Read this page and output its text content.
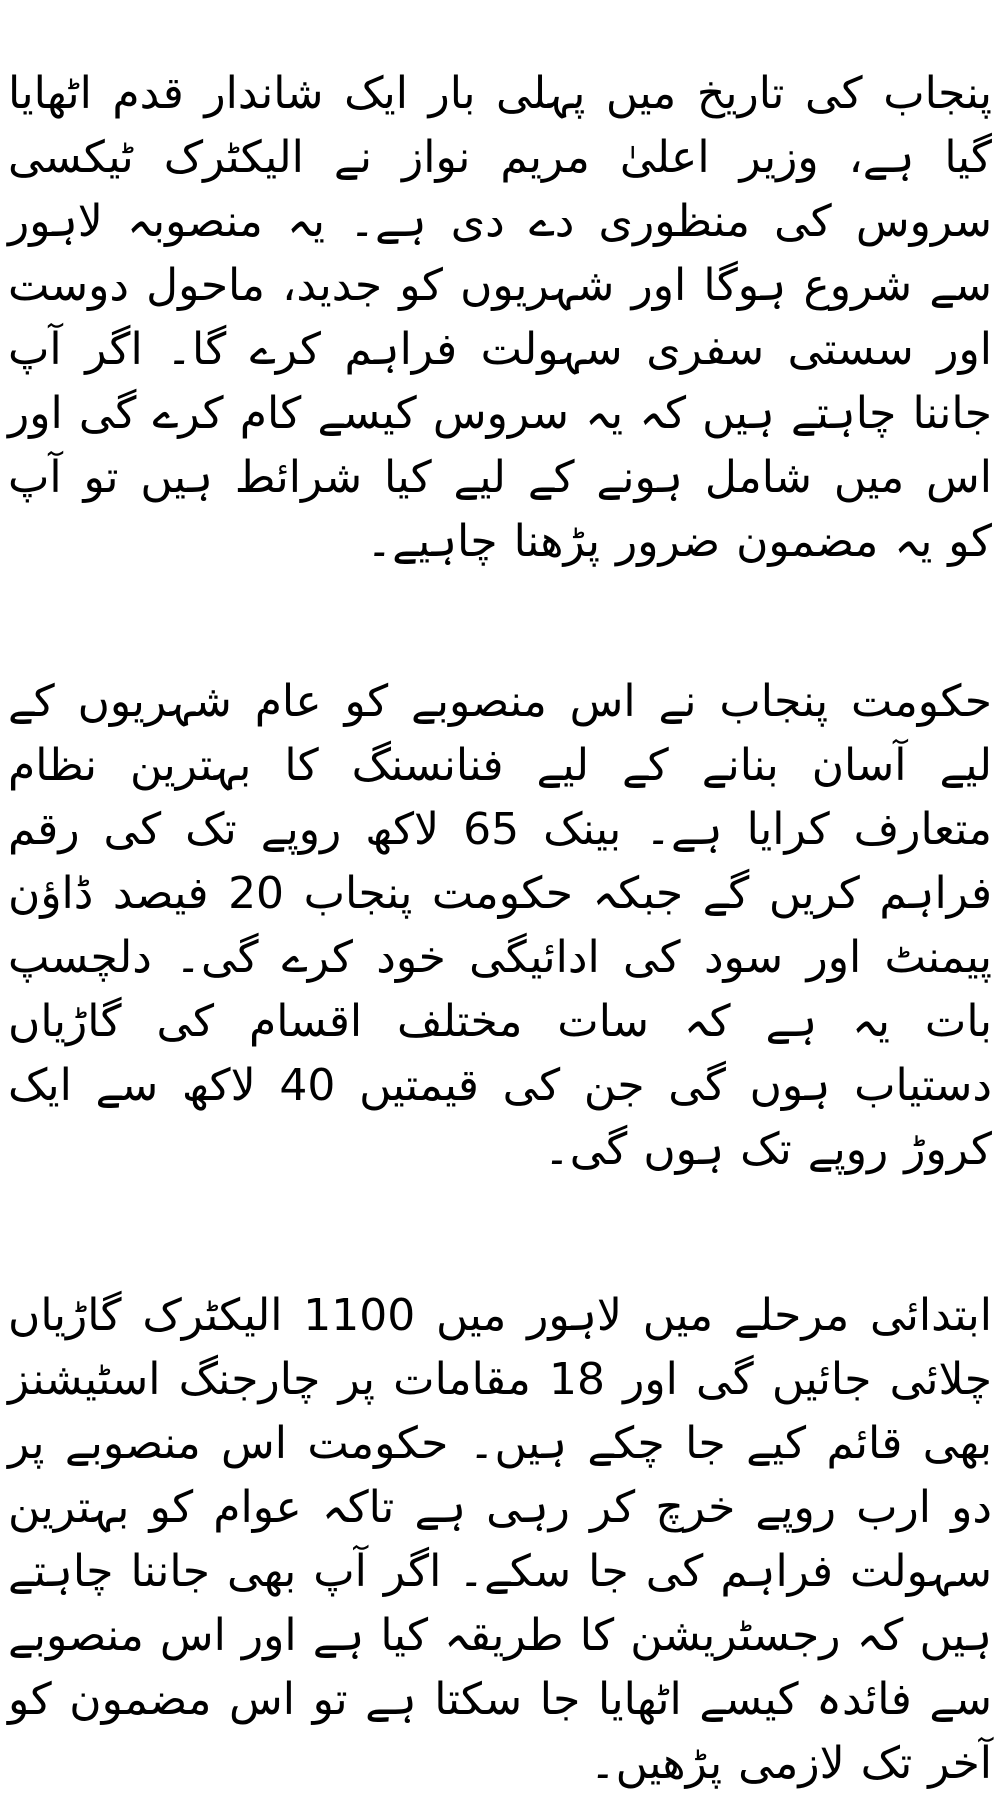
پنجاب کی تاریخ میں پہلی بار ایک شاندار قدم اٹھایا گیا ہے، وزیر اعلیٰ مریم نواز نے الیکٹرک ٹیکسی سروس کی منظوری دے دی ہے۔ یہ منصوبہ لاہور سے شروع ہوگا اور شہریوں کو جدید، ماحول دوست اور سستی سفری سہولت فراہم کرے گا۔ اگر آپ جاننا چاہتے ہیں کہ یہ سروس کیسے کام کرے گی اور اس میں شامل ہونے کے لیے کیا شرائط ہیں تو آپ کو یہ مضمون ضرور پڑھنا چاہیے۔

حکومت پنجاب نے اس منصوبے کو عام شہریوں کے لیے آسان بنانے کے لیے فنانسنگ کا بہترین نظام متعارف کرایا ہے۔ بینک 65 لاکھ روپے تک کی رقم فراہم کریں گے جبکہ حکومت پنجاب 20 فیصد ڈاؤن پیمنٹ اور سود کی ادائیگی خود کرے گی۔ دلچسپ بات یہ ہے کہ سات مختلف اقسام کی گاڑیاں دستیاب ہوں گی جن کی قیمتیں 40 لاکھ سے ایک کروڑ روپے تک ہوں گی۔

ابتدائی مرحلے میں لاہور میں 1100 الیکٹرک گاڑیاں چلائی جائیں گی اور 18 مقامات پر چارجنگ اسٹیشنز بھی قائم کیے جا چکے ہیں۔ حکومت اس منصوبے پر دو ارب روپے خرچ کر رہی ہے تاکہ عوام کو بہترین سہولت فراہم کی جا سکے۔ اگر آپ بھی جاننا چاہتے ہیں کہ رجسٹریشن کا طریقہ کیا ہے اور اس منصوبے سے فائدہ کیسے اٹھایا جا سکتا ہے تو اس مضمون کو آخر تک لازمی پڑھیں۔
